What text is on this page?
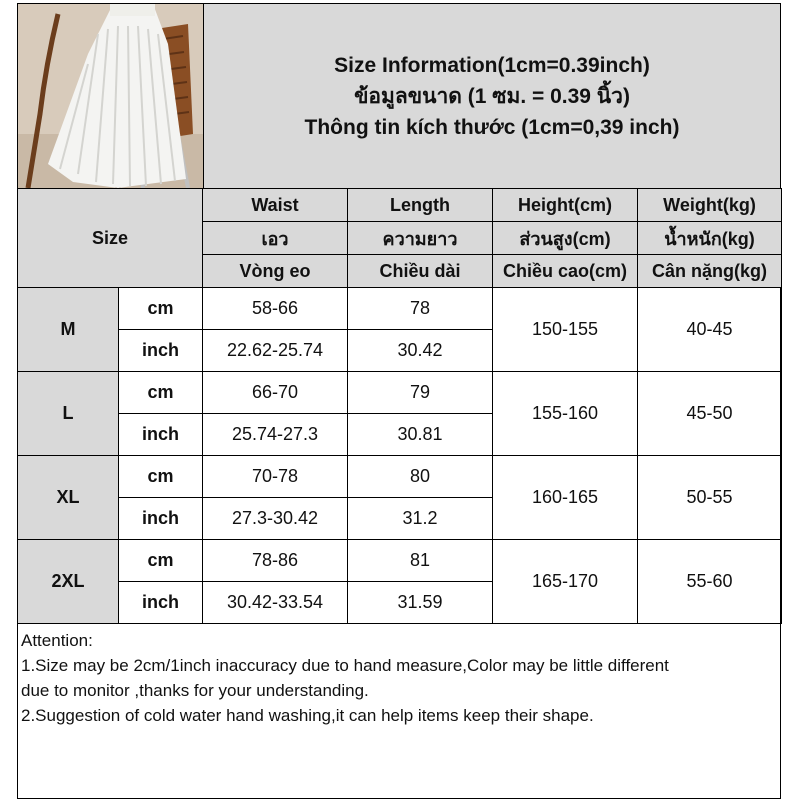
Size Information(1cm=0.39inch)
ข้อมูลขนาด (1 ซม. = 0.39 นิ้ว)
Thông tin kích thước (1cm=0,39 inch)
Size		Waist	Length	Height(cm)	Weight(kg)
		เอว	ความยาว	ส่วนสูง(cm)	น้ำหนัก(kg)
		Vòng eo	Chiều dài	Chiều cao(cm)	Cân nặng(kg)
M	cm	58-66	78	150-155	40-45
	inch	22.62-25.74	30.42		
L	cm	66-70	79	155-160	45-50
	inch	25.74-27.3	30.81		
XL	cm	70-78	80	160-165	50-55
	inch	27.3-30.42	31.2		
2XL	cm	78-86	81	165-170	55-60
	inch	30.42-33.54	31.59		
Attention:
1.Size may be 2cm/1inch inaccuracy due to hand measure,Color may be little different
due to monitor ,thanks for your understanding.
2.Suggestion of cold water hand washing,it can help items keep their shape.
